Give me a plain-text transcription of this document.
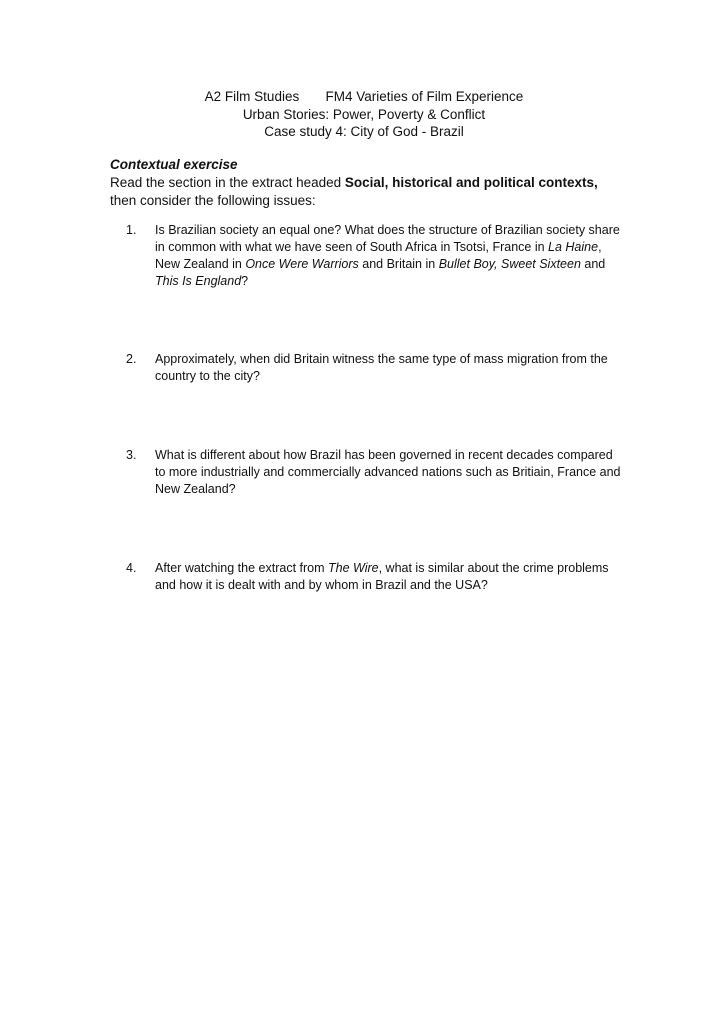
A2 Film Studies FM4 Varieties of Film Experience
Urban Stories: Power, Poverty & Conflict
Case study 4: City of God - Brazil
Contextual exercise
Read the section in the extract headed Social, historical and political contexts, then consider the following issues:
1. Is Brazilian society an equal one? What does the structure of Brazilian society share in common with what we have seen of South Africa in Tsotsi, France in La Haine, New Zealand in Once Were Warriors and Britain in Bullet Boy, Sweet Sixteen and This Is England?
2. Approximately, when did Britain witness the same type of mass migration from the country to the city?
3. What is different about how Brazil has been governed in recent decades compared to more industrially and commercially advanced nations such as Britiain, France and New Zealand?
4. After watching the extract from The Wire, what is similar about the crime problems and how it is dealt with and by whom in Brazil and the USA?
